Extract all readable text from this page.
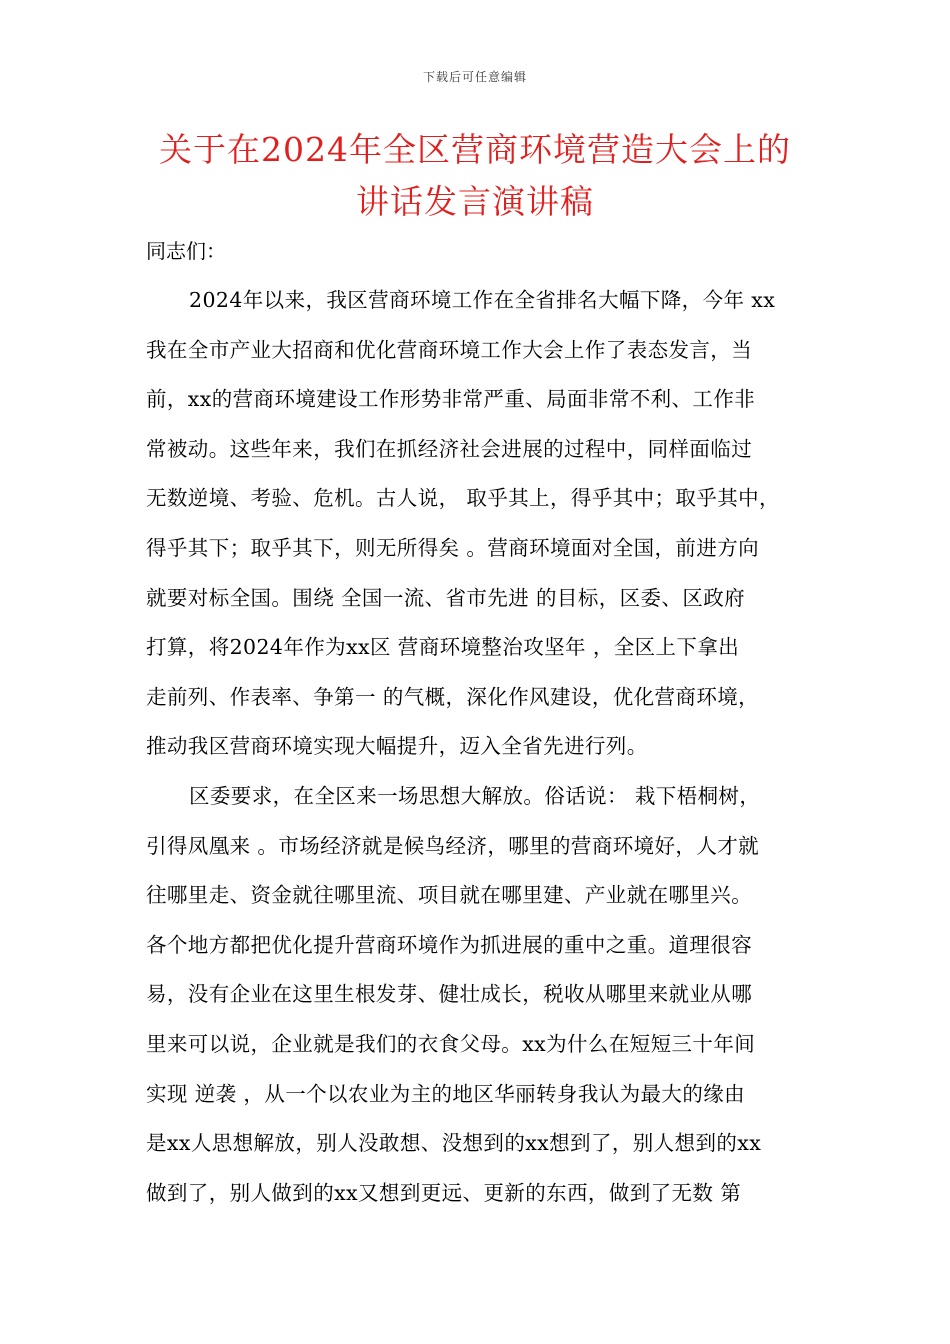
下载后可任意编辑
关于在2024年全区营商环境营造大会上的
讲话发言演讲稿
同志们：
2024年以来，我区营商环境工作在全省排名大幅下降，今年 xx
我在全市产业大招商和优化营商环境工作大会上作了表态发言，当
前，xx的营商环境建设工作形势非常严重、局面非常不利、工作非
常被动。这些年来，我们在抓经济社会进展的过程中，同样面临过
无数逆境、考验、危机。古人说， 取乎其上，得乎其中；取乎其中，
得乎其下；取乎其下，则无所得矣 。营商环境面对全国，前进方向
就要对标全国。围绕 全国一流、省市先进 的目标，区委、区政府
打算，将2024年作为xx区 营商环境整治攻坚年 ，全区上下拿出
走前列、作表率、争第一 的气概，深化作风建设，优化营商环境，
推动我区营商环境实现大幅提升，迈入全省先进行列。
区委要求，在全区来一场思想大解放。俗话说： 栽下梧桐树，
引得凤凰来 。市场经济就是候鸟经济，哪里的营商环境好，人才就
往哪里走、资金就往哪里流、项目就在哪里建、产业就在哪里兴。
各个地方都把优化提升营商环境作为抓进展的重中之重。道理很容
易，没有企业在这里生根发芽、健壮成长，税收从哪里来就业从哪
里来可以说，企业就是我们的衣食父母。xx为什么在短短三十年间
实现 逆袭 ，从一个以农业为主的地区华丽转身我认为最大的缘由
是xx人思想解放，别人没敢想、没想到的xx想到了，别人想到的xx
做到了，别人做到的xx又想到更远、更新的东西，做到了无数 第
